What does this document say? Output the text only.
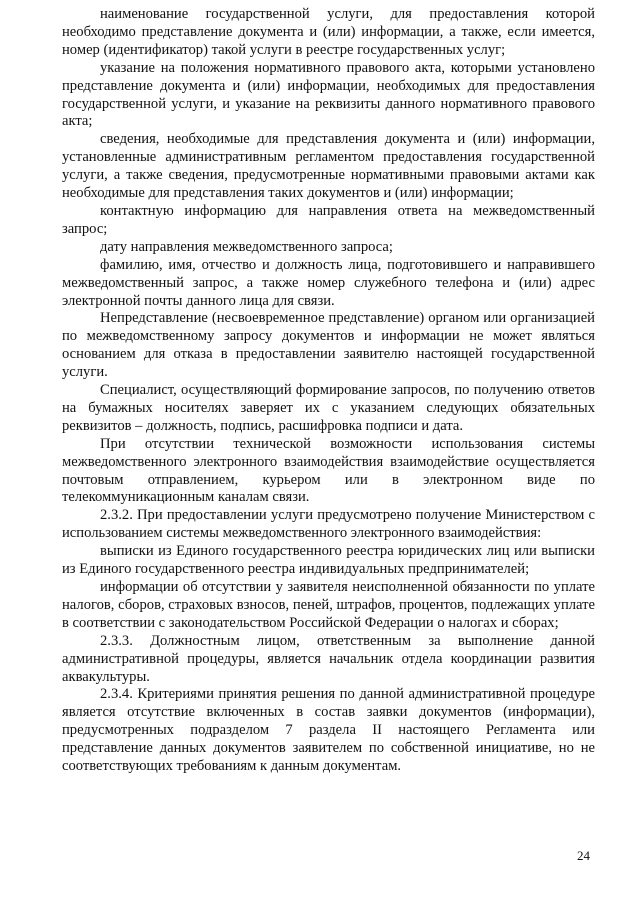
наименование государственной услуги, для предоставления которой необходимо представление документа и (или) информации, а также, если имеется, номер (идентификатор) такой услуги в реестре государственных услуг;

указание на положения нормативного правового акта, которыми установлено представление документа и (или) информации, необходимых для предоставления государственной услуги, и указание на реквизиты данного нормативного правового акта;

сведения, необходимые для представления документа и (или) информации, установленные административным регламентом предоставления государственной услуги, а также сведения, предусмотренные нормативными правовыми актами как необходимые для представления таких документов и (или) информации;

контактную информацию для направления ответа на межведомственный запрос;

дату направления межведомственного запроса;

фамилию, имя, отчество и должность лица, подготовившего и направившего межведомственный запрос, а также номер служебного телефона и (или) адрес электронной почты данного лица для связи.

Непредставление (несвоевременное представление) органом или организацией по межведомственному запросу документов и информации не может являться основанием для отказа в предоставлении заявителю настоящей государственной услуги.

Специалист, осуществляющий формирование запросов, по получению ответов на бумажных носителях заверяет их с указанием следующих обязательных реквизитов – должность, подпись, расшифровка подписи и дата.

При отсутствии технической возможности использования системы межведомственного электронного взаимодействия взаимодействие осуществляется почтовым отправлением, курьером или в электронном виде по телекоммуникационным каналам связи.

2.3.2. При предоставлении услуги предусмотрено получение Министерством с использованием системы межведомственного электронного взаимодействия:

выписки из Единого государственного реестра юридических лиц или выписки из Единого государственного реестра индивидуальных предпринимателей;

информации об отсутствии у заявителя неисполненной обязанности по уплате налогов, сборов, страховых взносов, пеней, штрафов, процентов, подлежащих уплате в соответствии с законодательством Российской Федерации о налогах и сборах;

2.3.3. Должностным лицом, ответственным за выполнение данной административной процедуры, является начальник отдела координации развития аквакультуры.

2.3.4. Критериями принятия решения по данной административной процедуре является отсутствие включенных в состав заявки документов (информации), предусмотренных подразделом 7 раздела II настоящего Регламента или представление данных документов заявителем по собственной инициативе, но не соответствующих требованиям к данным документам.

24
